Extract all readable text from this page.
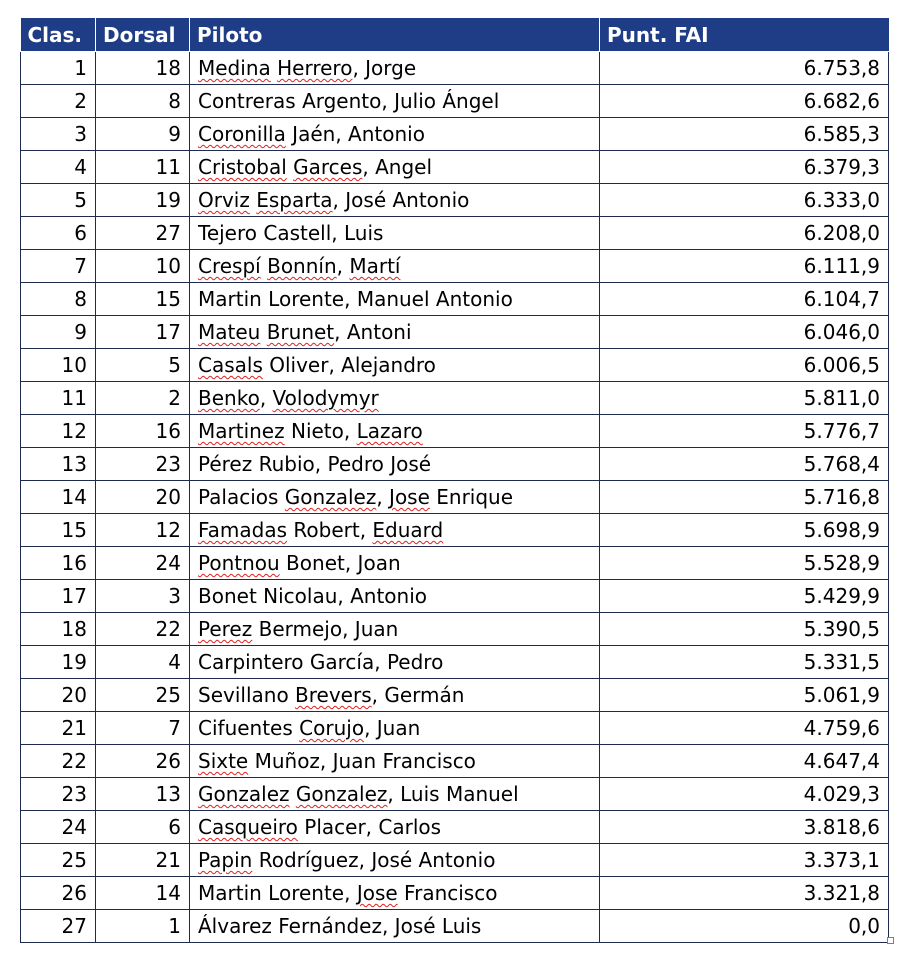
Clas.	Dorsal	Piloto	Punt. FAI
1	18	Medina Herrero, Jorge	6.753,8
2	8	Contreras Argento, Julio Ángel	6.682,6
3	9	Coronilla Jaén, Antonio	6.585,3
4	11	Cristobal Garces, Angel	6.379,3
5	19	Orviz Esparta, José Antonio	6.333,0
6	27	Tejero Castell, Luis	6.208,0
7	10	Crespí Bonnín, Martí	6.111,9
8	15	Martin Lorente, Manuel Antonio	6.104,7
9	17	Mateu Brunet, Antoni	6.046,0
10	5	Casals Oliver, Alejandro	6.006,5
11	2	Benko, Volodymyr	5.811,0
12	16	Martinez Nieto, Lazaro	5.776,7
13	23	Pérez Rubio, Pedro José	5.768,4
14	20	Palacios Gonzalez, Jose Enrique	5.716,8
15	12	Famadas Robert, Eduard	5.698,9
16	24	Pontnou Bonet, Joan	5.528,9
17	3	Bonet Nicolau, Antonio	5.429,9
18	22	Perez Bermejo, Juan	5.390,5
19	4	Carpintero García, Pedro	5.331,5
20	25	Sevillano Brevers, Germán	5.061,9
21	7	Cifuentes Corujo, Juan	4.759,6
22	26	Sixte Muñoz, Juan Francisco	4.647,4
23	13	Gonzalez Gonzalez, Luis Manuel	4.029,3
24	6	Casqueiro Placer, Carlos	3.818,6
25	21	Papin Rodríguez, José Antonio	3.373,1
26	14	Martin Lorente, Jose Francisco	3.321,8
27	1	Álvarez Fernández, José Luis	0,0
